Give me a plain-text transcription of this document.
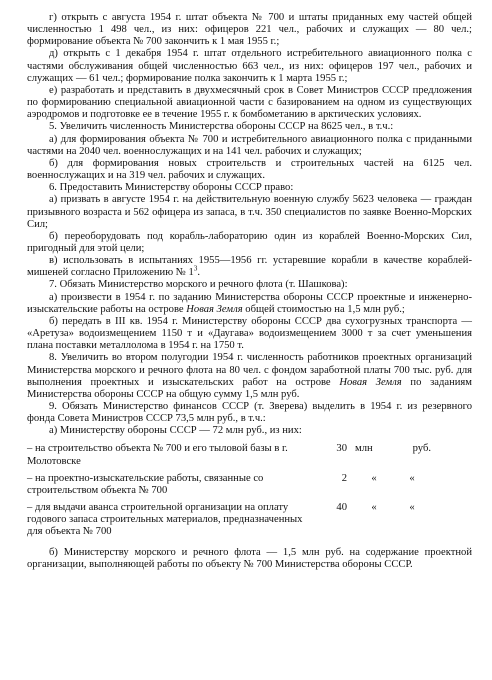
г) открыть с августа 1954 г. штат объекта № 700 и штаты приданных ему частей общей численностью 1 498 чел., из них: офицеров 221 чел., рабочих и служащих — 80 чел.; формирование объекта № 700 закончить к 1 мая 1955 г.;

д) открыть с 1 декабря 1954 г. штат отдельного истребительного авиационного полка с частями обслуживания общей численностью 663 чел., из них: офицеров 197 чел., рабочих и служащих — 61 чел.; формирование полка закончить к 1 марта 1955 г.;

е) разработать и представить в двухмесячный срок в Совет Министров СССР предложения по формированию специальной авиационной части с базированием на одном из существующих аэродромов и подготовке ее в течение 1955 г. к бомбометанию в арктических условиях.

5. Увеличить численность Министерства обороны СССР на 8625 чел., в т.ч.:

а) для формирования объекта № 700 и истребительного авиационного полка с приданными частями на 2040 чел. военнослужащих и на 141 чел. рабочих и служащих;

б) для формирования новых строительств и строительных частей на 6125 чел. военнослужащих и на 319 чел. рабочих и служащих.

6. Предоставить Министерству обороны СССР право:

а) призвать в августе 1954 г. на действительную военную службу 5623 человека — граждан призывного возраста и 562 офицера из запаса, в т.ч. 350 специалистов по заявке Военно-Морских Сил;

б) переоборудовать под корабль-лабораторию один из кораблей Военно-Морских Сил, пригодный для этой цели;

в) использовать в испытаниях 1955—1956 гг. устаревшие корабли в качестве кораблей-мишеней согласно Приложению № $1^3$.

7. Обязать Министерство морского и речного флота (т. Шашкова):

а) произвести в 1954 г. по заданию Министерства обороны СССР проектные и инженерно-изыскательские работы на острове Новая Земля общей стоимостью на 1,5 млн руб.;

б) передать в III кв. 1954 г. Министерству обороны СССР два сухогрузных транспорта — «Аретуза» водоизмещением 1150 т и «Даугава» водоизмещением 3000 т за счет уменьшения плана поставки металлолома в 1954 г. на 1750 т.

8. Увеличить во втором полугодии 1954 г. численность работников проектных организаций Министерства морского и речного флота на 80 чел. с фондом заработной платы 700 тыс. руб. для выполнения проектных и изыскательских работ на острове Новая Земля по заданиям Министерства обороны СССР на общую сумму 1,5 млн руб.

9. Обязать Министерство финансов СССР (т. Зверева) выделить в 1954 г. из резервного фонда Совета Министров СССР 73,5 млн руб., в т.ч.:

а) Министерству обороны СССР — 72 млн руб., из них:

– на строительство объекта № 700 и его тыловой базы в г. Молотовске
30 млн	руб.
– на проектно-изыскательские работы, связанные со строительством объекта № 700
2	«	«
– для выдачи аванса строительной организации на оплату годового запаса строительных материалов, предназначенных для объекта № 700
40	«	«

б) Министерству морского и речного флота — 1,5 млн руб. на содержание проектной организации, выполняющей работы по объекту № 700 Министерства обороны СССР.
